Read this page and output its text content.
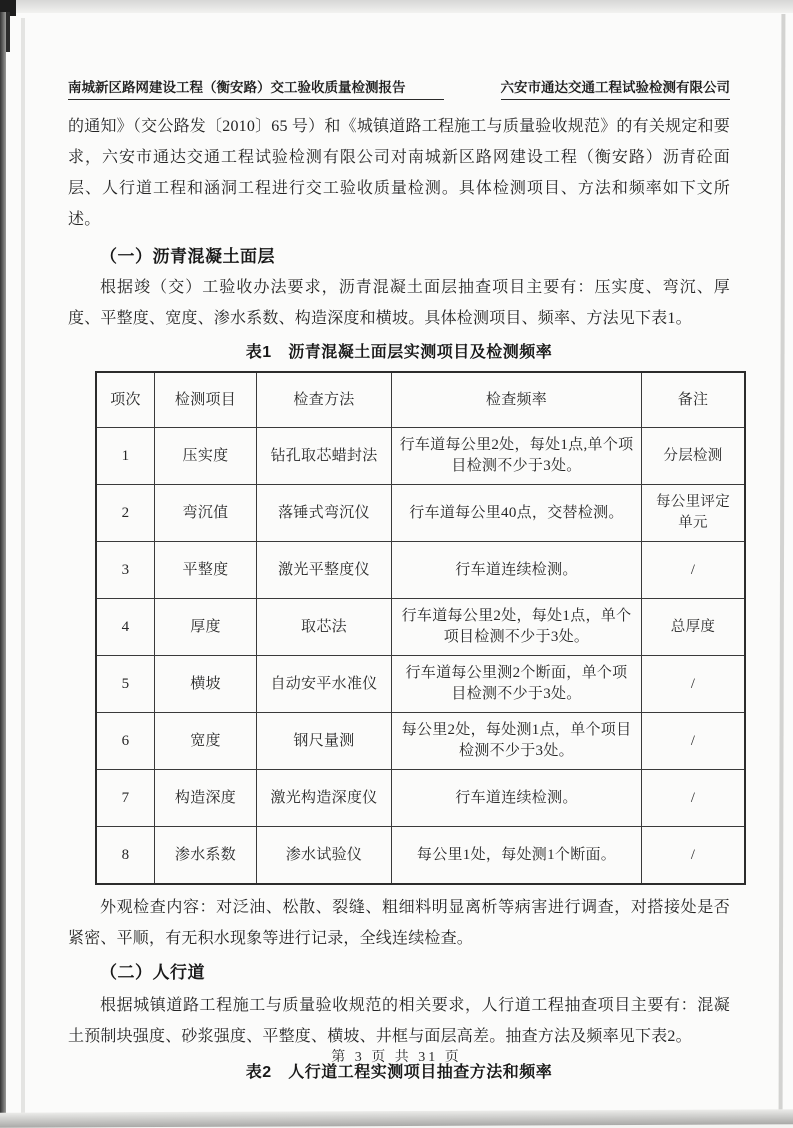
南城新区路网建设工程（衡安路）交工验收质量检测报告	六安市通达交通工程试验检测有限公司

的通知》（交公路发〔2010〕65 号）和《城镇道路工程施工与质量验收规范》的有关规定和要求，六安市通达交通工程试验检测有限公司对南城新区路网建设工程（衡安路）沥青砼面层、人行道工程和涵洞工程进行交工验收质量检测。具体检测项目、方法和频率如下文所述。

（一）沥青混凝土面层

根据竣（交）工验收办法要求，沥青混凝土面层抽查项目主要有：压实度、弯沉、厚度、平整度、宽度、渗水系数、构造深度和横坡。具体检测项目、频率、方法见下表1。

表1　沥青混凝土面层实测项目及检测频率
项次	检测项目	检查方法	检查频率	备注
1	压实度	钻孔取芯蜡封法	行车道每公里2处，每处1点,单个项目检测不少于3处。	分层检测
2	弯沉值	落锤式弯沉仪	行车道每公里40点，交替检测。	每公里评定单元
3	平整度	激光平整度仪	行车道连续检测。	/
4	厚度	取芯法	行车道每公里2处，每处1点，单个项目检测不少于3处。	总厚度
5	横坡	自动安平水准仪	行车道每公里测2个断面，单个项目检测不少于3处。	/
6	宽度	钢尺量测	每公里2处，每处测1点，单个项目检测不少于3处。	/
7	构造深度	激光构造深度仪	行车道连续检测。	/
8	渗水系数	渗水试验仪	每公里1处，每处测1个断面。	/

外观检查内容：对泛油、松散、裂缝、粗细料明显离析等病害进行调查，对搭接处是否紧密、平顺，有无积水现象等进行记录，全线连续检查。

（二）人行道

根据城镇道路工程施工与质量验收规范的相关要求，人行道工程抽查项目主要有：混凝土预制块强度、砂浆强度、平整度、横坡、井框与面层高差。抽查方法及频率见下表2。

表2　人行道工程实测项目抽查方法和频率
第 3 页 共 31 页
